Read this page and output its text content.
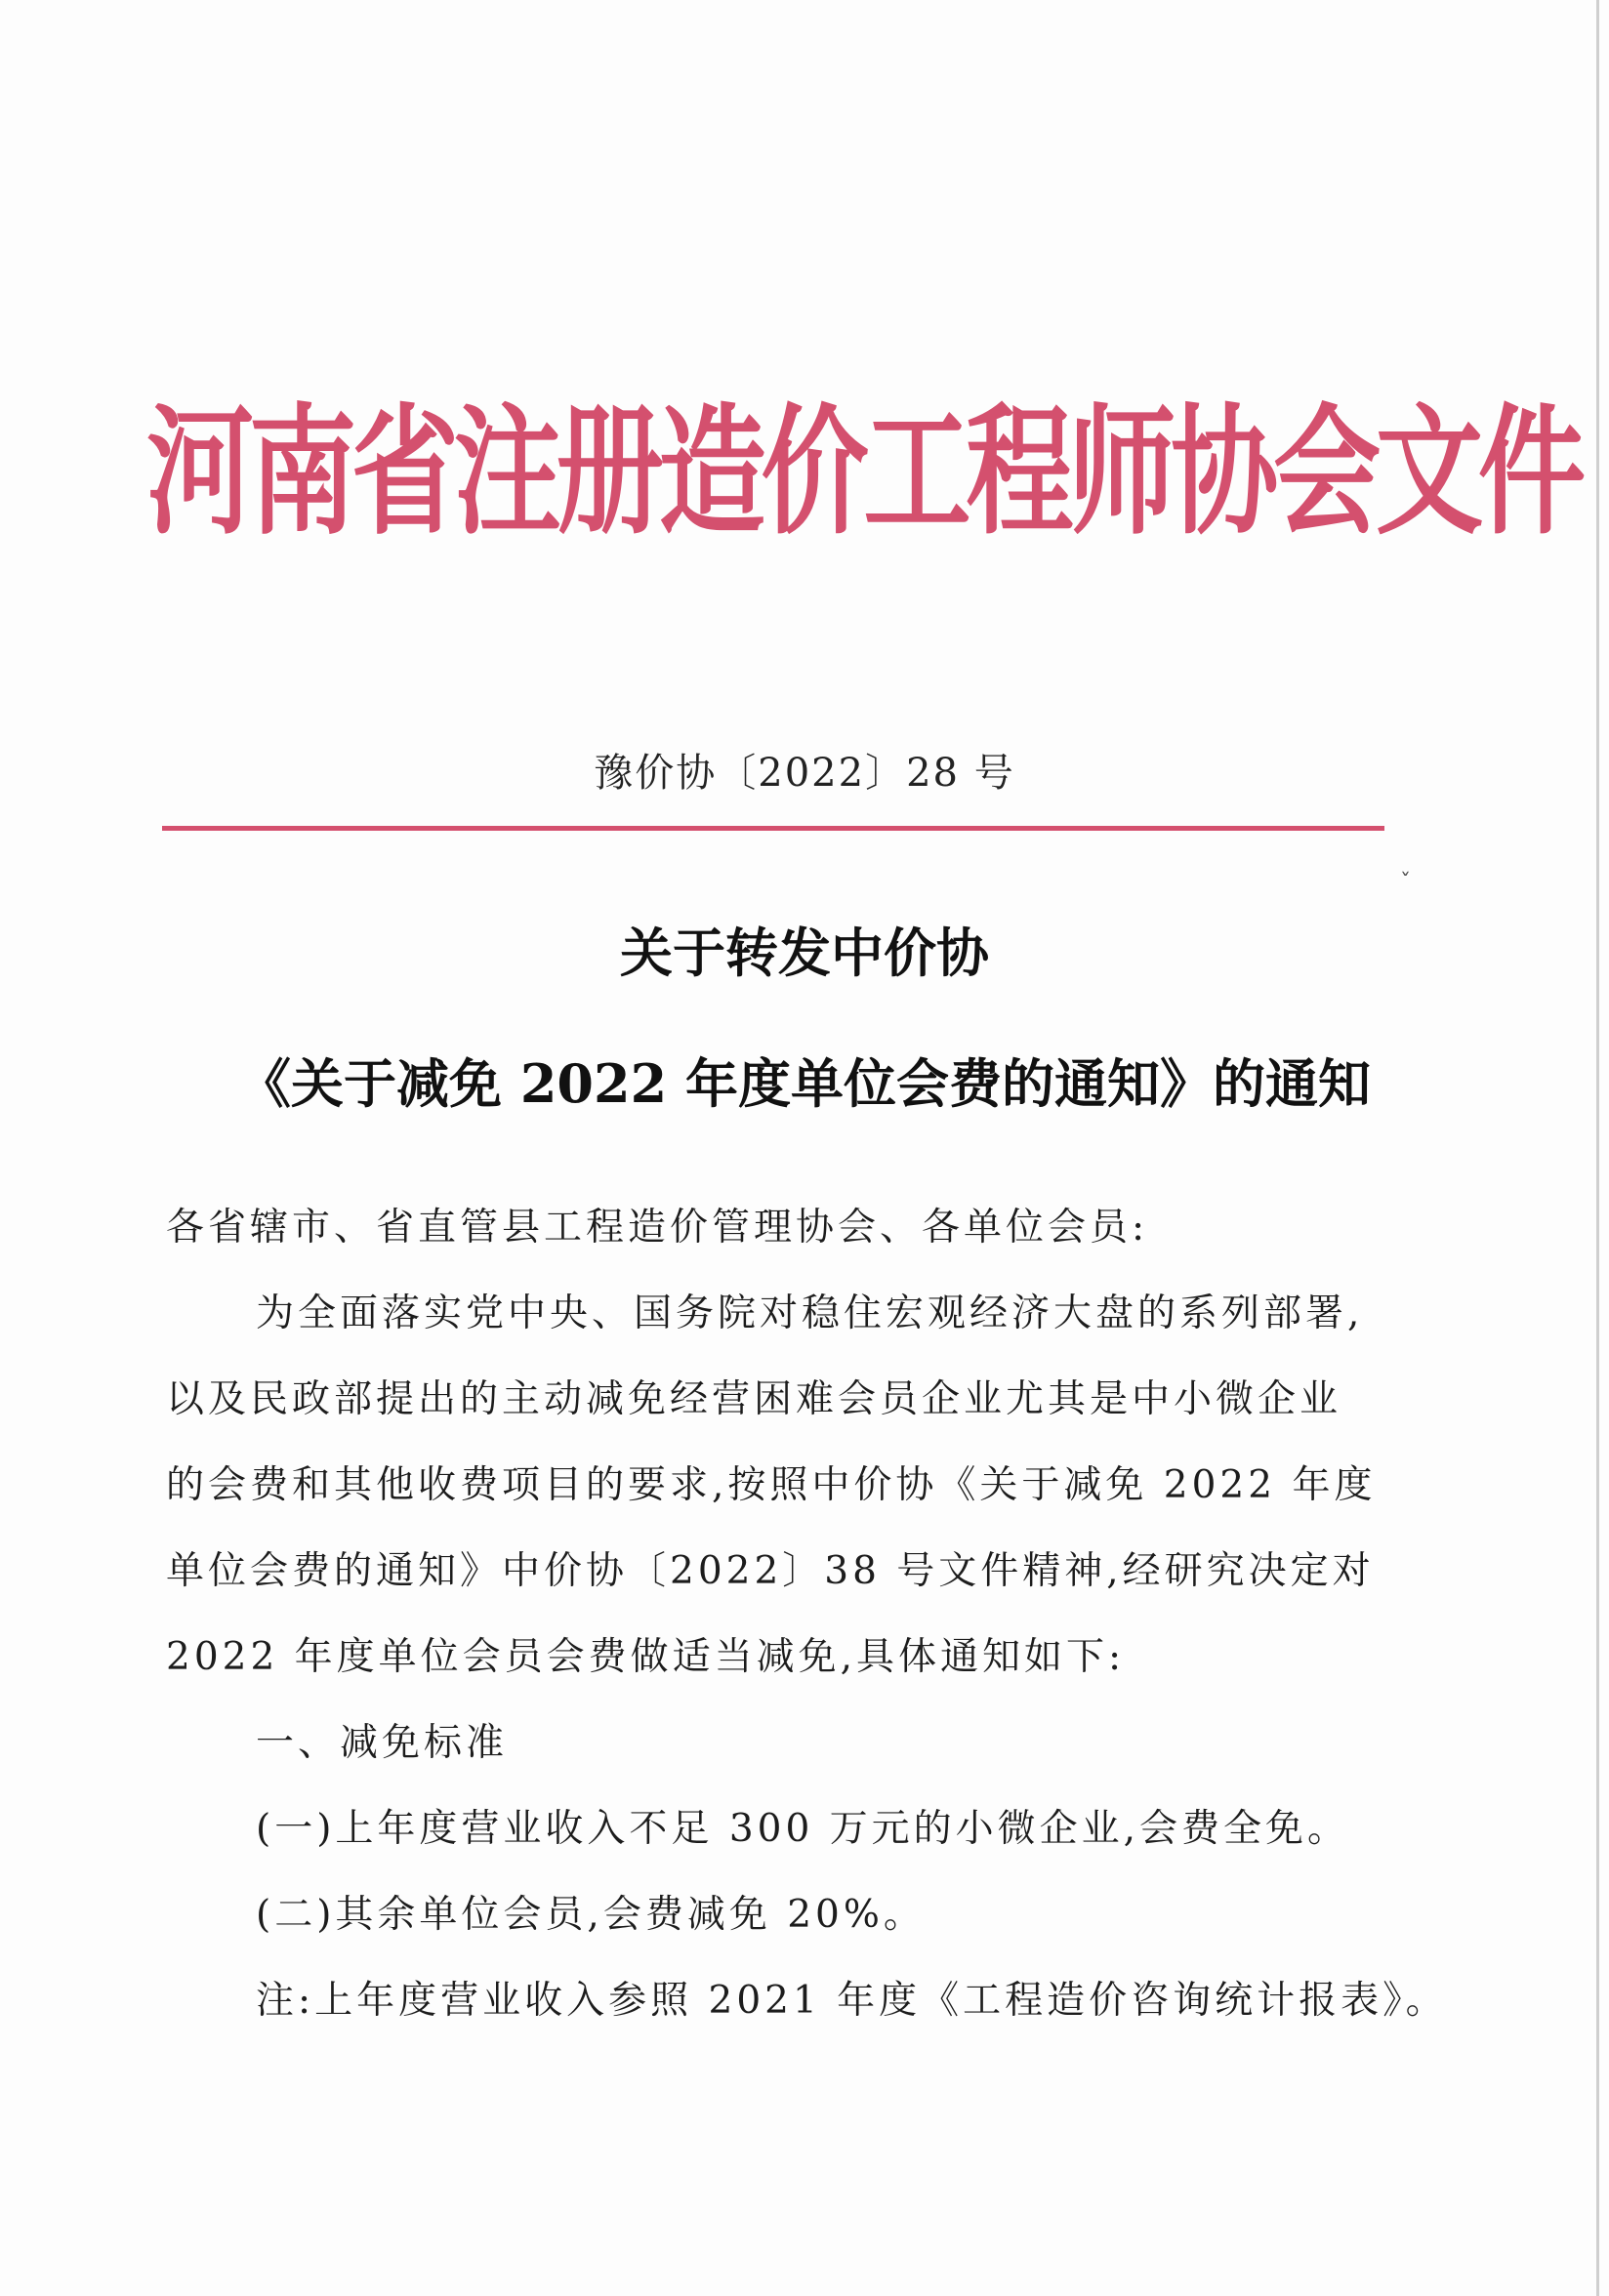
河南省注册造价工程师协会文件
豫价协〔2022〕28 号
ˇ
关于转发中价协
《关于减免 2022 年度单位会费的通知》的通知
各省辖市、省直管县工程造价管理协会、各单位会员:
为全面落实党中央、国务院对稳住宏观经济大盘的系列部署,
以及民政部提出的主动减免经营困难会员企业尤其是中小微企业
的会费和其他收费项目的要求,按照中价协《关于减免 2022 年度
单位会费的通知》中价协〔2022〕38 号文件精神,经研究决定对
2022 年度单位会员会费做适当减免,具体通知如下:
一、减免标准
(一)上年度营业收入不足 300 万元的小微企业,会费全免。
(二)其余单位会员,会费减免 20%。
注:上年度营业收入参照 2021 年度《工程造价咨询统计报表》。
